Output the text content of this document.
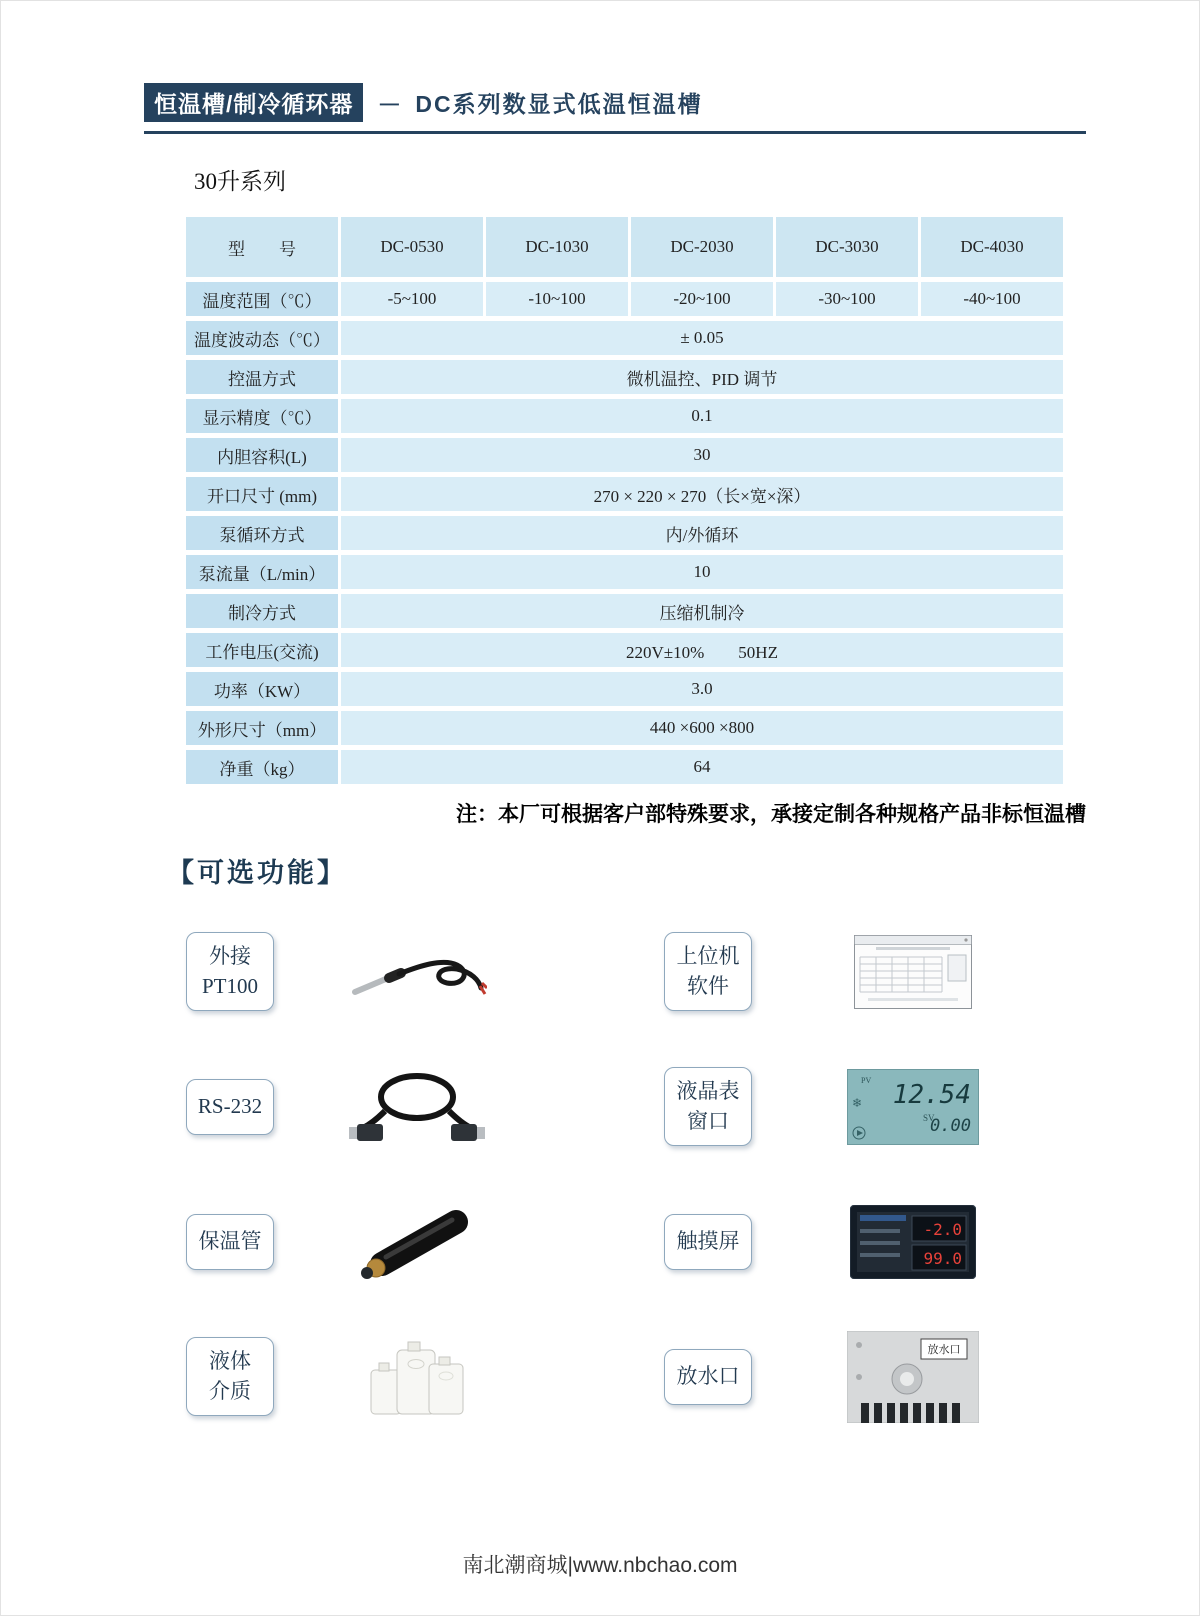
恒温槽/制冷循环器	－ DC系列数显式低温恒温槽
30升系列
型　　号	DC-0530	DC-1030	DC-2030	DC-3030	DC-4030
温度范围（℃）	-5~100	-10~100	-20~100	-30~100	-40~100
温度波动态（℃）	± 0.05
控温方式	微机温控、PID 调节
显示精度（℃）	0.1
内胆容积(L)	30
开口尺寸 (mm)	270 × 220 × 270（长×宽×深）
泵循环方式	内/外循环
泵流量（L/min）	10
制冷方式	压缩机制冷
工作电压(交流)	220V±10%　　50HZ
功率（KW）	3.0
外形尺寸（mm）	440 ×600 ×800
净重（kg）	64
注：本厂可根据客户部特殊要求，承接定制各种规格产品非标恒温槽
【可选功能】
外接
PT100
上位机
软件
RS-232
液晶表
窗口
PV 12.54
SV
0.00
❄
保温管	触摸屏	-2.0
99.0
液体
介质
放水口
放水口
南北潮商城|www.nbchao.com
